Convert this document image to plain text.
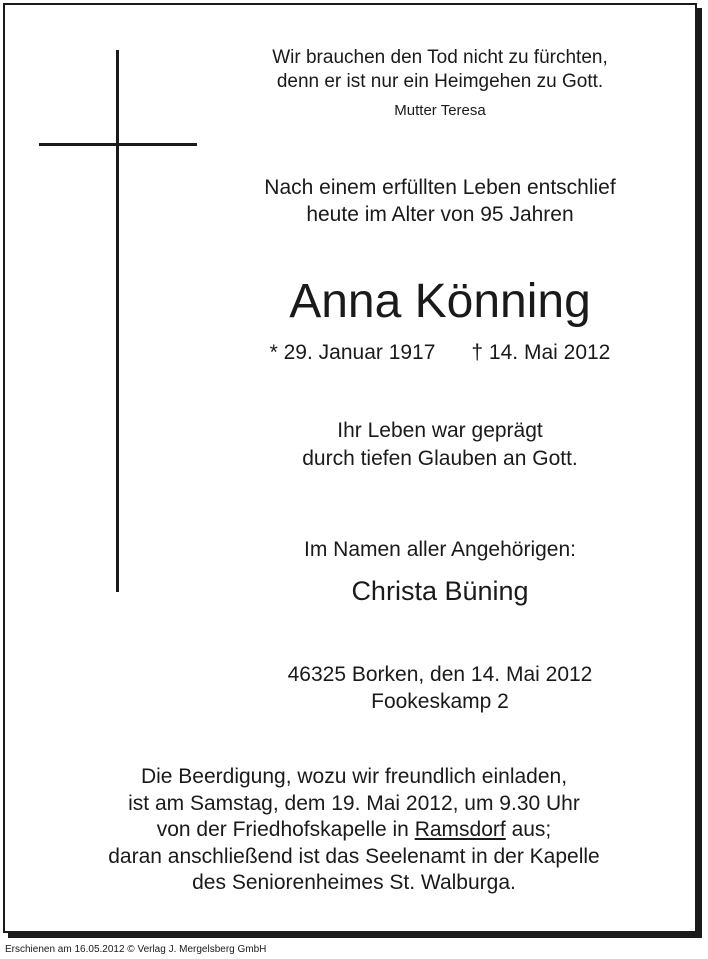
Wir brauchen den Tod nicht zu fürchten,
denn er ist nur ein Heimgehen zu Gott.
Mutter Teresa
Nach einem erfüllten Leben entschlief
heute im Alter von 95 Jahren
Anna Könning
* 29. Januar 1917 † 14. Mai 2012
Ihr Leben war geprägt
durch tiefen Glauben an Gott.
Im Namen aller Angehörigen:
Christa Büning
46325 Borken, den 14. Mai 2012
Fookeskamp 2
Die Beerdigung, wozu wir freundlich einladen,
ist am Samstag, dem 19. Mai 2012, um 9.30 Uhr
von der Friedhofskapelle in Ramsdorf aus;
daran anschließend ist das Seelenamt in der Kapelle
des Seniorenheimes St. Walburga.
Erschienen am 16.05.2012 © Verlag J. Mergelsberg GmbH
